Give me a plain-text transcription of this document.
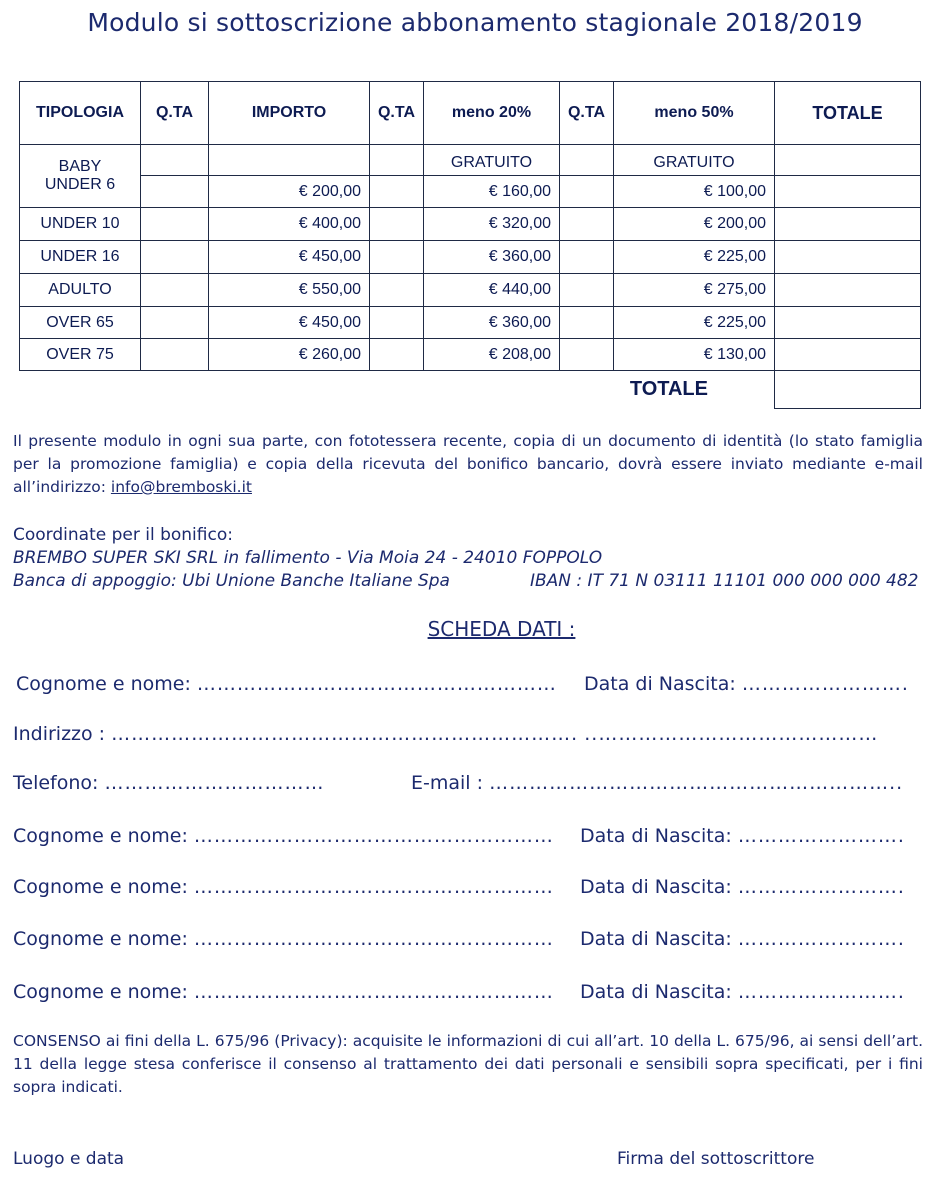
Modulo si sottoscrizione abbonamento stagionale 2018/2019
TIPOLOGIA	Q.TA	IMPORTO	Q.TA	meno 20%	Q.TA	meno 50%	TOTALE

BABY
UNDER 6				GRATUITO		GRATUITO	
		€ 200,00		€ 160,00		€ 100,00	
UNDER 10		€ 400,00		€ 320,00		€ 200,00	
UNDER 16		€ 450,00		€ 360,00		€ 225,00	
ADULTO		€ 550,00		€ 440,00		€ 275,00	
OVER 65		€ 450,00		€ 360,00		€ 225,00	
OVER 75		€ 260,00		€ 208,00		€ 130,00	
TOTALE							
Il presente modulo in ogni sua parte, con fototessera recente, copia di un documento di identità (lo stato famiglia per la promozione famiglia) e copia della ricevuta del bonifico bancario, dovrà essere inviato mediante e-mail all’indirizzo: info@bremboski.it
Coordinate per il bonifico:
BREMBO SUPER SKI SRL in fallimento - Via Moia 24 - 24010 FOPPOLO
Banca di appoggio: Ubi Unione Banche Italiane Spa	IBAN : IT 71 N 03111 11101 000 000 000 482
SCHEDA DATI :
Cognome e nome: ……………………………………………… Data di Nascita: …………………….
Indirizzo : ……………………………………………………………. ..……………………………………
Telefono: ……………………………	E-mail : ……………………………………………………..
Cognome e nome: ……………………………………………… Data di Nascita: …………………….
Cognome e nome: ……………………………………………… Data di Nascita: …………………….
Cognome e nome: ……………………………………………… Data di Nascita: …………………….
Cognome e nome: ……………………………………………… Data di Nascita: …………………….
CONSENSO ai fini della L. 675/96 (Privacy): acquisite le informazioni di cui all’art. 10 della L. 675/96, ai sensi dell’art. 11 della legge stesa conferisce il consenso al trattamento dei dati personali e sensibili sopra specificati, per i fini sopra indicati.
Luogo e data	Firma del sottoscrittore
